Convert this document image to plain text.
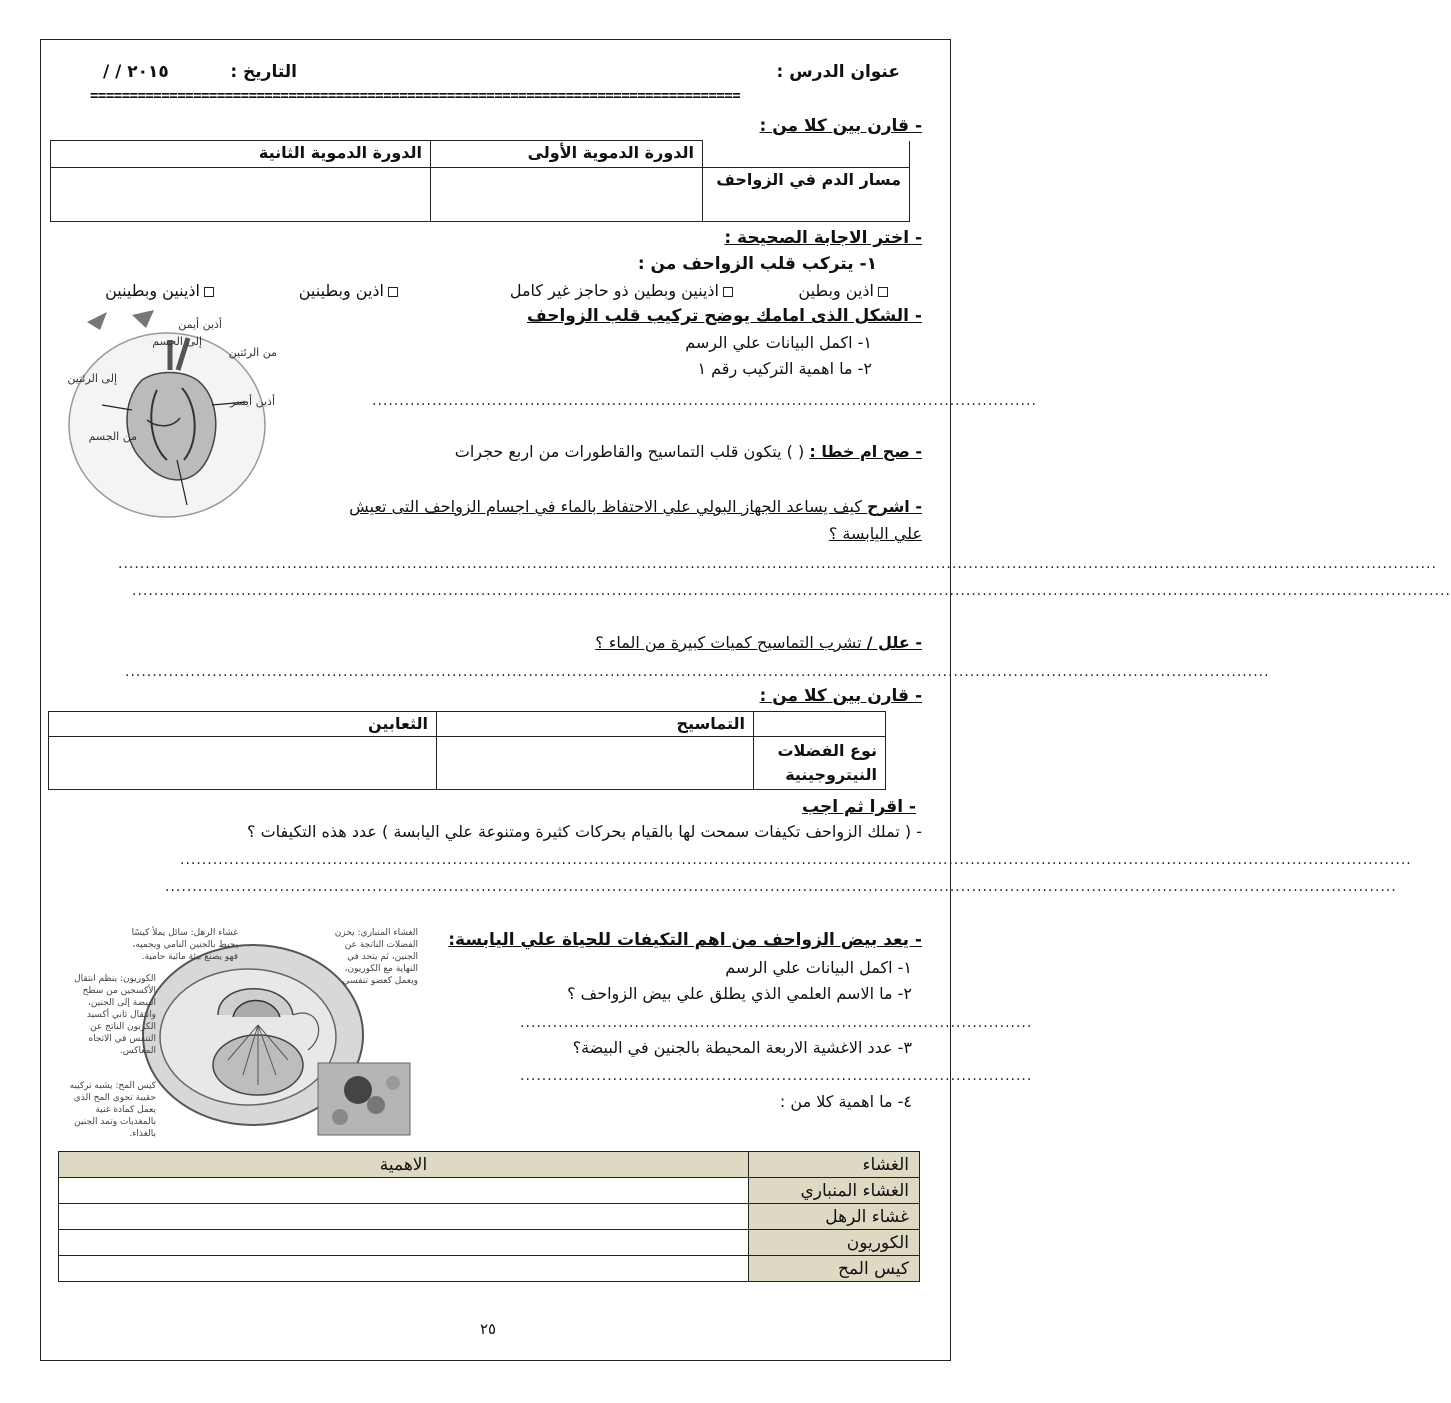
عنوان الدرس :
التاريخ :
/ / ٢٠١٥
==================================================================================
- قارن بين كلا من :
	الدورة الدموية الأولى	الدورة الدموية الثانية
مسار الدم في الزواحف		
- اختر الاجابة الصحيحة :
١- يتركب قلب الزواحف من :
اذين وبطين
اذينين وبطين ذو حاجز غير كامل
اذين وبطينين
اذينين وبطينين
- الشكل الذى امامك يوضح تركيب قلب الزواحف
١- اكمل البيانات علي الرسم
٢- ما اهمية التركيب رقم ١
..........................................................................................................................
أذين أيمن
إلى الجسم
من الرئتين
إلى الرئتين
أذين أيسر
من الجسم
- صح ام خطا : ( ) يتكون قلب التماسيح والقاطورات من اربع حجرات
- اشرح كيف يساعد الجهاز البولي علي الاحتفاظ بالماء في اجسام الزواحف التى تعيش
علي اليابسة ؟
..................................................................................................................................................................................................................................................
..................................................................................................................................................................................................................................................
- علل / تشرب التماسيح كميات كبيرة من الماء ؟
..................................................................................................................................................................................................................
- قارن بين كلا من :
	التماسيح	الثعابين
نوع الفضلات
النيتروجينية		
- اقرا ثم اجب
- ( تملك الزواحف تكيفات سمحت لها بالقيام بحركات كثيرة ومتنوعة علي اليابسة ) عدد هذه التكيفات ؟
..................................................................................................................................................................................................................................
..................................................................................................................................................................................................................................
- يعد بيض الزواحف من اهم التكيفات للحياة علي اليابسة:
١- اكمل البيانات علي الرسم
٢- ما الاسم العلمي الذي يطلق علي بيض الزواحف ؟
..............................................................................................
٣- عدد الاغشية الاربعة المحيطة بالجنين في البيضة؟
..............................................................................................
٤- ما اهمية كلا من :
الغشاء المنباري: يخزن الفضلات الناتجة عن الجنين، ثم يتحد في النهاية مع الكوريون، ويعمل كعضو تنفسي
غشاء الرهل: سائل يملأ كيسًا يحيط بالجنين النامي ويحميه، فهو يصنع بيئة مائية حامية.
الكوريون: ينظم انتقال الأكسجين من سطح البيضة إلى الجنين، وانتقال ثاني أكسيد الكربون الناتج عن التنفس في الاتجاه المعاكس.
كيس المح: يشبه تركيبه حقيبة تحوي المح الذي يعمل كمادة غنية بالمغذيات وتمد الجنين بالغذاء.
الغشاء	الاهمية
الغشاء المنباري	
غشاء الرهل	
الكوريون	
كيس المح	
٢٥
